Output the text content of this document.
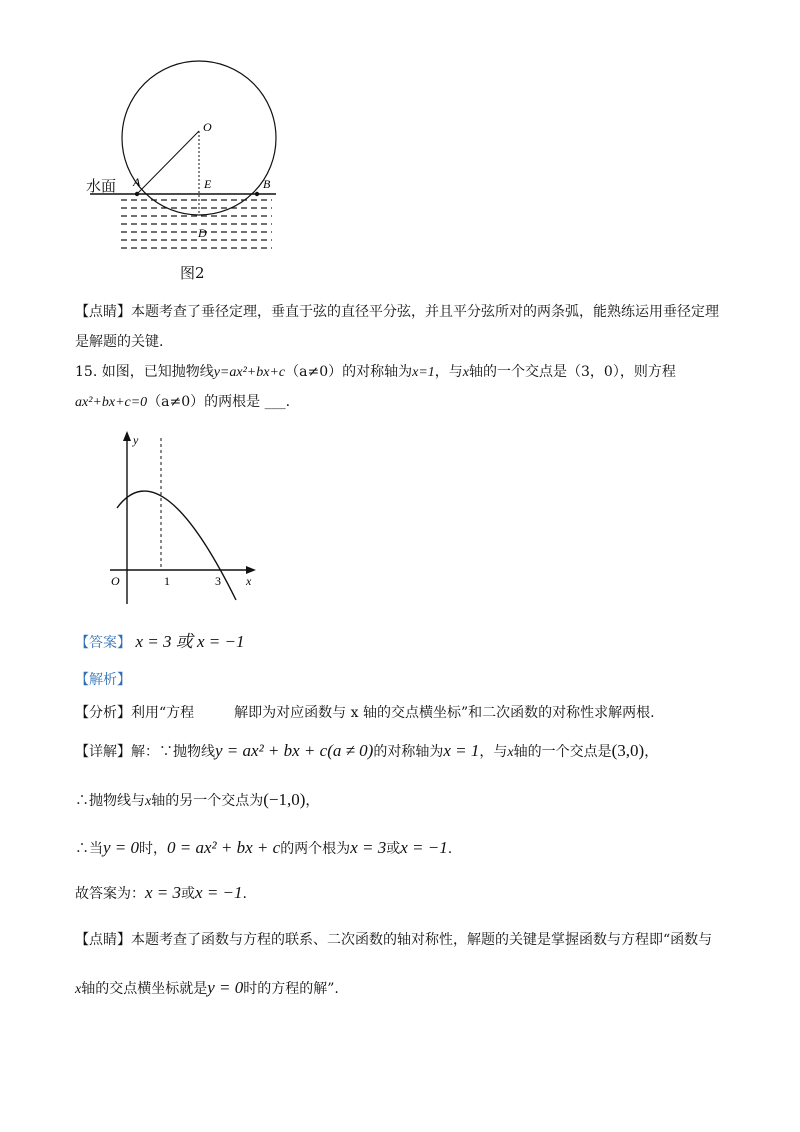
O
A	E	B
D
水面
图2
【点睛】本题考查了垂径定理，垂直于弦的直径平分弦，并且平分弦所对的两条弧，能熟练运用垂径定理
是解题的关键.
15. 如图，已知抛物线y=ax²+bx+c（a≠0）的对称轴为x=1，与x轴的一个交点是（3，0），则方程
ax²+bx+c=0（a≠0）的两根是 ___.
y
O	1	3 x
【答案】 x = 3 或 x = −1
【解析】
【分析】利用“方程	解即为对应函数与 x 轴的交点横坐标”和二次函数的对称性求解两根.
【详解】解：∵抛物线y = ax² + bx + c(a ≠ 0)的对称轴为x = 1，与x轴的一个交点是(3,0)，
∴抛物线与x轴的另一个交点为(−1,0)，
∴当y = 0时，0 = ax² + bx + c的两个根为x = 3或x = −1.
故答案为：x = 3或x = −1.
【点睛】本题考查了函数与方程的联系、二次函数的轴对称性，解题的关键是掌握函数与方程即“函数与
x轴的交点横坐标就是y = 0时的方程的解”.
